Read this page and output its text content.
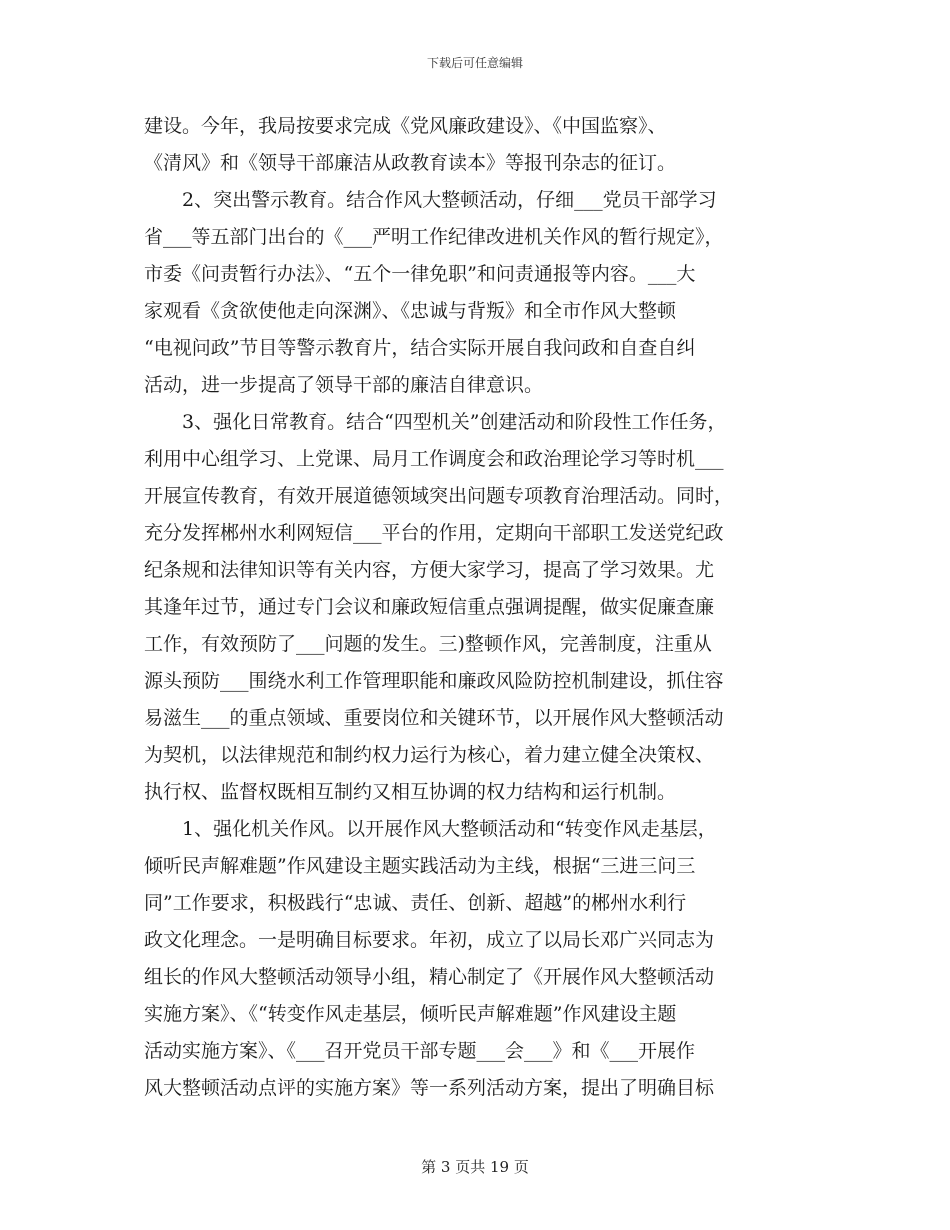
下载后可任意编辑
建设。今年，我局按要求完成《党风廉政建设》、《中国监察》、
《清风》和《领导干部廉洁从政教育读本》等报刊杂志的征订。
　　2、突出警示教育。结合作风大整顿活动，仔细___党员干部学习
省___等五部门出台的《___严明工作纪律改进机关作风的暂行规定》，
市委《问责暂行办法》、“五个一律免职”和问责通报等内容。___大
家观看《贪欲使他走向深渊》、《忠诚与背叛》和全市作风大整顿
“电视问政”节目等警示教育片，结合实际开展自我问政和自查自纠
活动，进一步提高了领导干部的廉洁自律意识。
　　3、强化日常教育。结合“四型机关”创建活动和阶段性工作任务，
利用中心组学习、上党课、局月工作调度会和政治理论学习等时机___
开展宣传教育，有效开展道德领域突出问题专项教育治理活动。同时，
充分发挥郴州水利网短信___平台的作用，定期向干部职工发送党纪政
纪条规和法律知识等有关内容，方便大家学习，提高了学习效果。尤
其逢年过节，通过专门会议和廉政短信重点强调提醒，做实促廉查廉
工作，有效预防了___问题的发生。三)整顿作风，完善制度，注重从
源头预防___围绕水利工作管理职能和廉政风险防控机制建设，抓住容
易滋生___的重点领域、重要岗位和关键环节，以开展作风大整顿活动
为契机，以法律规范和制约权力运行为核心，着力建立健全决策权、
执行权、监督权既相互制约又相互协调的权力结构和运行机制。
　　1、强化机关作风。以开展作风大整顿活动和“转变作风走基层，
倾听民声解难题”作风建设主题实践活动为主线，根据“三进三问三
同”工作要求，积极践行“忠诚、责任、创新、超越”的郴州水利行
政文化理念。一是明确目标要求。年初，成立了以局长邓广兴同志为
组长的作风大整顿活动领导小组，精心制定了《开展作风大整顿活动
实施方案》、《“转变作风走基层，倾听民声解难题”作风建设主题
活动实施方案》、《___召开党员干部专题___会___》和《___开展作
风大整顿活动点评的实施方案》等一系列活动方案，提出了明确目标
第 3 页共 19 页
